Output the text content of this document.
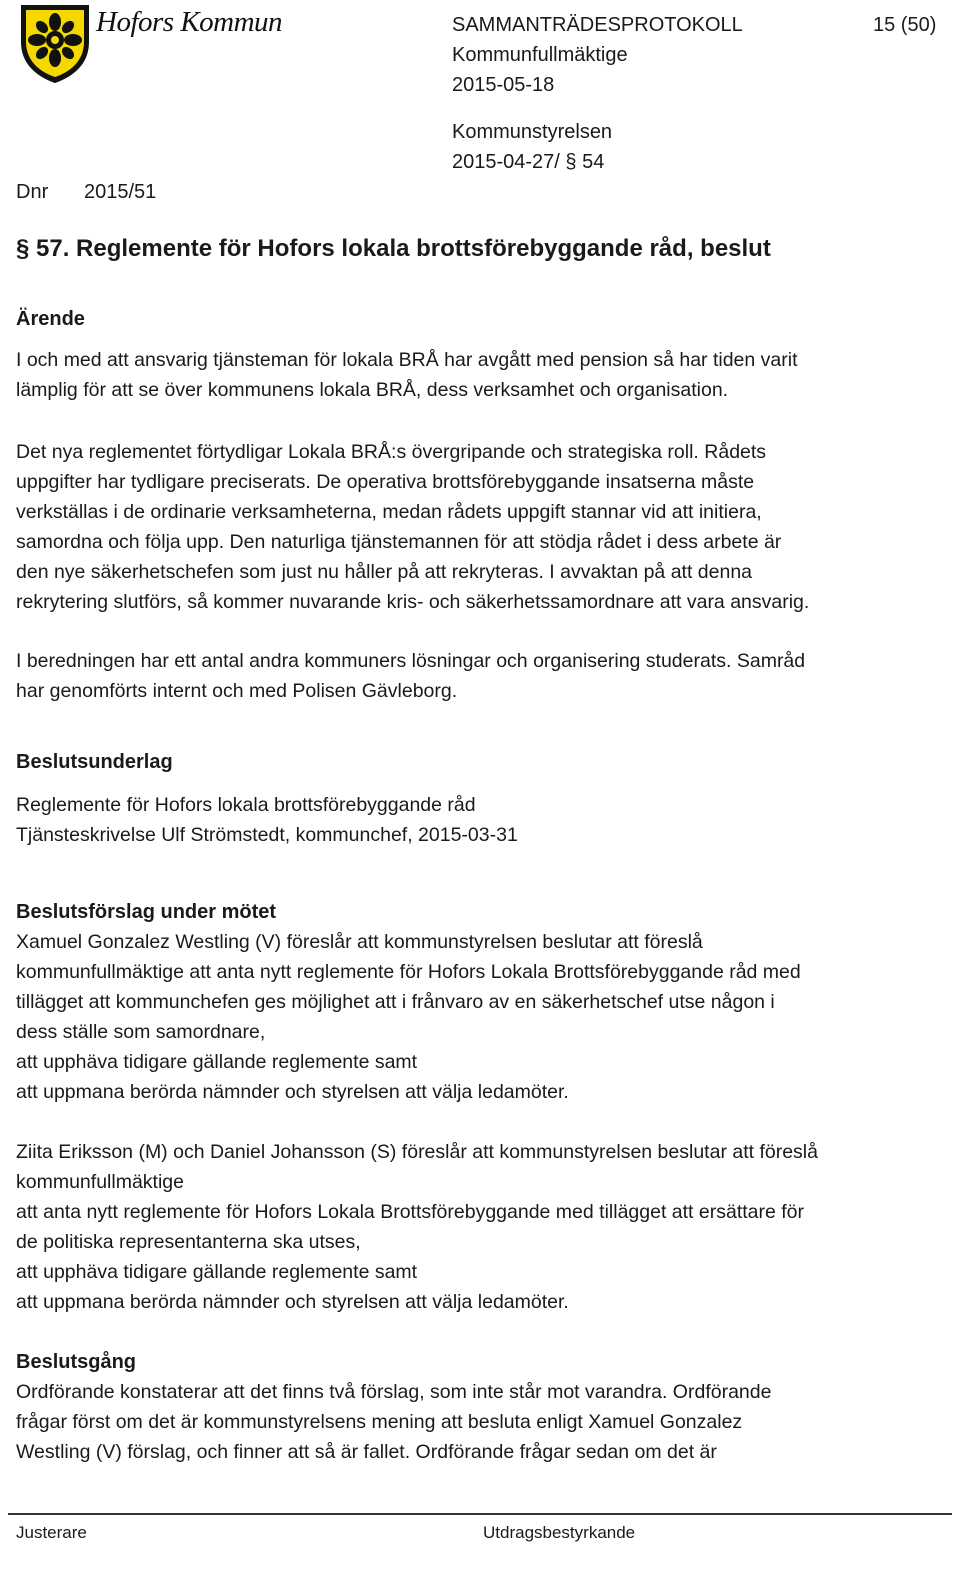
Hofors Kommun	SAMMANTRÄDESPROTOKOLL	15 (50)
Kommunfullmäktige
2015-05-18
Kommunstyrelsen
2015-04-27/ § 54
Dnr 2015/51
§ 57. Reglemente för Hofors lokala brottsförebyggande råd, beslut
Ärende
I och med att ansvarig tjänsteman för lokala BRÅ har avgått med pension så har tiden varit
lämplig för att se över kommunens lokala BRÅ, dess verksamhet och organisation.
Det nya reglementet förtydligar Lokala BRÅ:s övergripande och strategiska roll. Rådets
uppgifter har tydligare preciserats. De operativa brottsförebyggande insatserna måste
verkställas i de ordinarie verksamheterna, medan rådets uppgift stannar vid att initiera,
samordna och följa upp. Den naturliga tjänstemannen för att stödja rådet i dess arbete är
den nye säkerhetschefen som just nu håller på att rekryteras. I avvaktan på att denna
rekrytering slutförs, så kommer nuvarande kris- och säkerhetssamordnare att vara ansvarig.
I beredningen har ett antal andra kommuners lösningar och organisering studerats. Samråd
har genomförts internt och med Polisen Gävleborg.
Beslutsunderlag
Reglemente för Hofors lokala brottsförebyggande råd
Tjänsteskrivelse Ulf Strömstedt, kommunchef, 2015-03-31
Beslutsförslag under mötet
Xamuel Gonzalez Westling (V) föreslår att kommunstyrelsen beslutar att föreslå
kommunfullmäktige att anta nytt reglemente för Hofors Lokala Brottsförebyggande råd med
tillägget att kommunchefen ges möjlighet att i frånvaro av en säkerhetschef utse någon i
dess ställe som samordnare,
att upphäva tidigare gällande reglemente samt
att uppmana berörda nämnder och styrelsen att välja ledamöter.
Ziita Eriksson (M) och Daniel Johansson (S) föreslår att kommunstyrelsen beslutar att föreslå
kommunfullmäktige
att anta nytt reglemente för Hofors Lokala Brottsförebyggande med tillägget att ersättare för
de politiska representanterna ska utses,
att upphäva tidigare gällande reglemente samt
att uppmana berörda nämnder och styrelsen att välja ledamöter.
Beslutsgång
Ordförande konstaterar att det finns två förslag, som inte står mot varandra. Ordförande
frågar först om det är kommunstyrelsens mening att besluta enligt Xamuel Gonzalez
Westling (V) förslag, och finner att så är fallet. Ordförande frågar sedan om det är
Justerare	Utdragsbestyrkande
